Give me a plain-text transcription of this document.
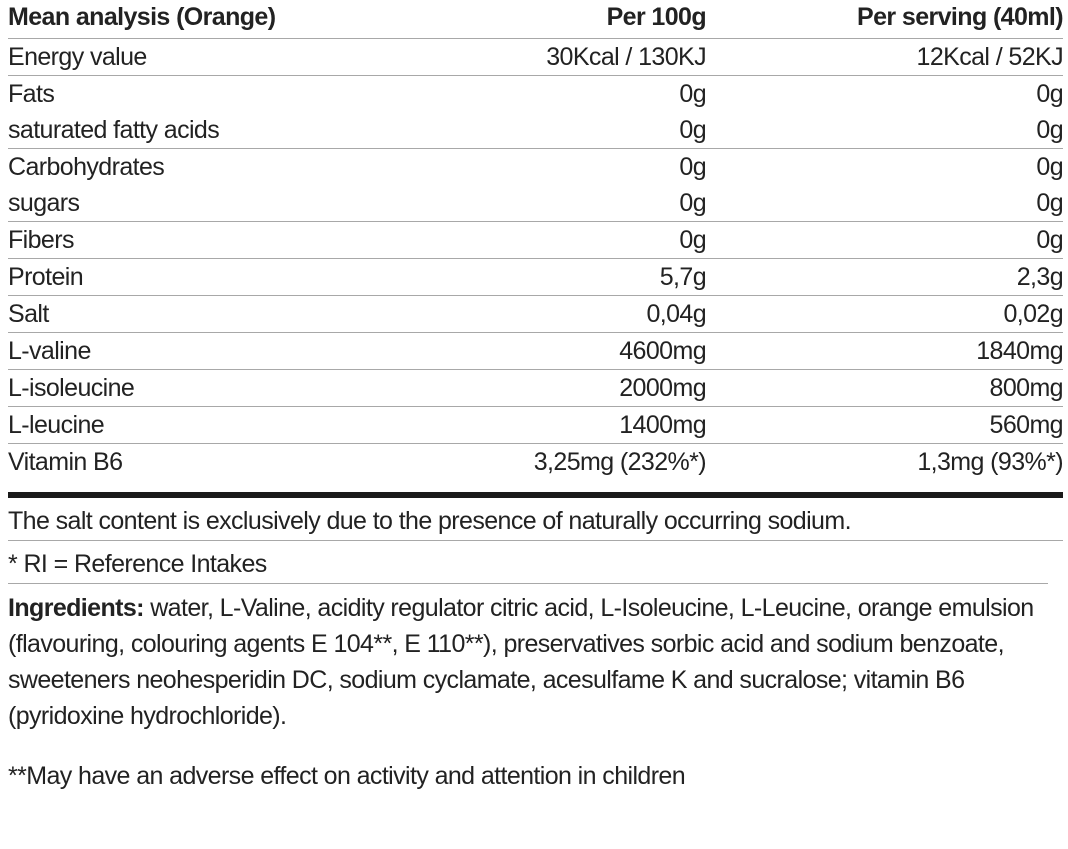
Mean analysis (Orange)	Per 100g	Per serving (40ml)
Energy value	30Kcal / 130KJ	12Kcal / 52KJ
Fats	0g	0g
saturated fatty acids	0g	0g
Carbohydrates	0g	0g
sugars	0g	0g
Fibers	0g	0g
Protein	5,7g	2,3g
Salt	0,04g	0,02g
L-valine	4600mg	1840mg
L-isoleucine	2000mg	800mg
L-leucine	1400mg	560mg
Vitamin B6	3,25mg (232%*)	1,3mg (93%*)
The salt content is exclusively due to the presence of naturally occurring sodium.
* RI = Reference Intakes
Ingredients: water, L-Valine, acidity regulator citric acid, L-Isoleucine, L-Leucine, orange emulsion (flavouring, colouring agents E 104**, E 110**), preservatives sorbic acid and sodium benzoate, sweeteners neohesperidin DC, sodium cyclamate, acesulfame K and sucralose; vitamin B6 (pyridoxine hydrochloride).
**May have an adverse effect on activity and attention in children
